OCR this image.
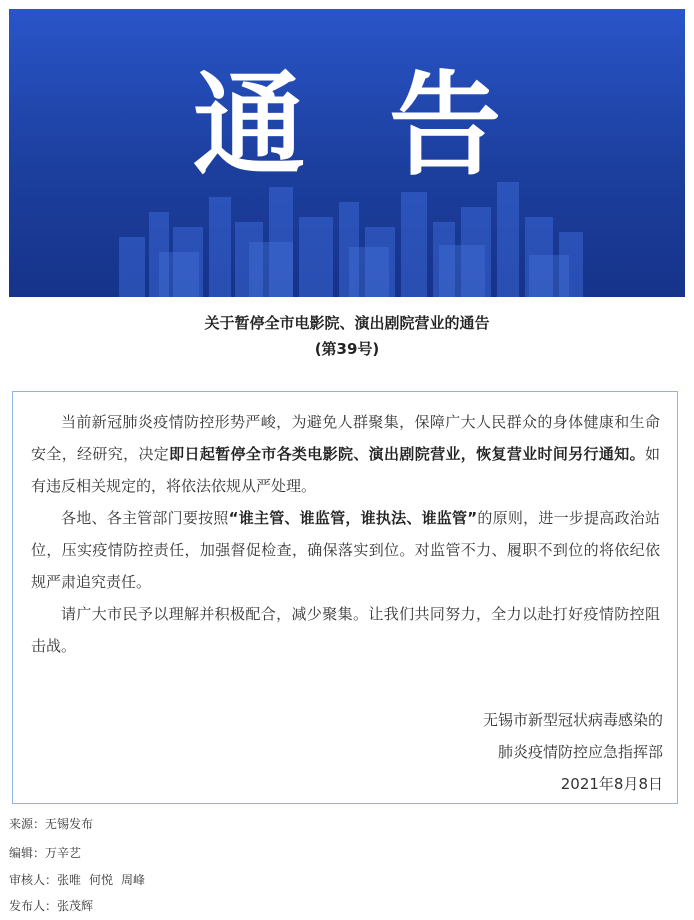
通 告
关于暂停全市电影院、演出剧院营业的通告
(第39号)

当前新冠肺炎疫情防控形势严峻，为避免人群聚集，保障广大人民群众的身体健康和生命安全，经研究，决定即日起暂停全市各类电影院、演出剧院营业，恢复营业时间另行通知。如有违反相关规定的，将依法依规从严处理。

各地、各主管部门要按照“谁主管、谁监管，谁执法、谁监管”的原则，进一步提高政治站位，压实疫情防控责任，加强督促检查，确保落实到位。对监管不力、履职不到位的将依纪依规严肃追究责任。

请广大市民予以理解并积极配合，减少聚集。让我们共同努力，全力以赴打好疫情防控阻击战。

无锡市新型冠状病毒感染的
肺炎疫情防控应急指挥部
2021年8月8日
来源：无锡发布
编辑：万辛艺
审核人：张唯 何悦 周峰
发布人：张茂辉
